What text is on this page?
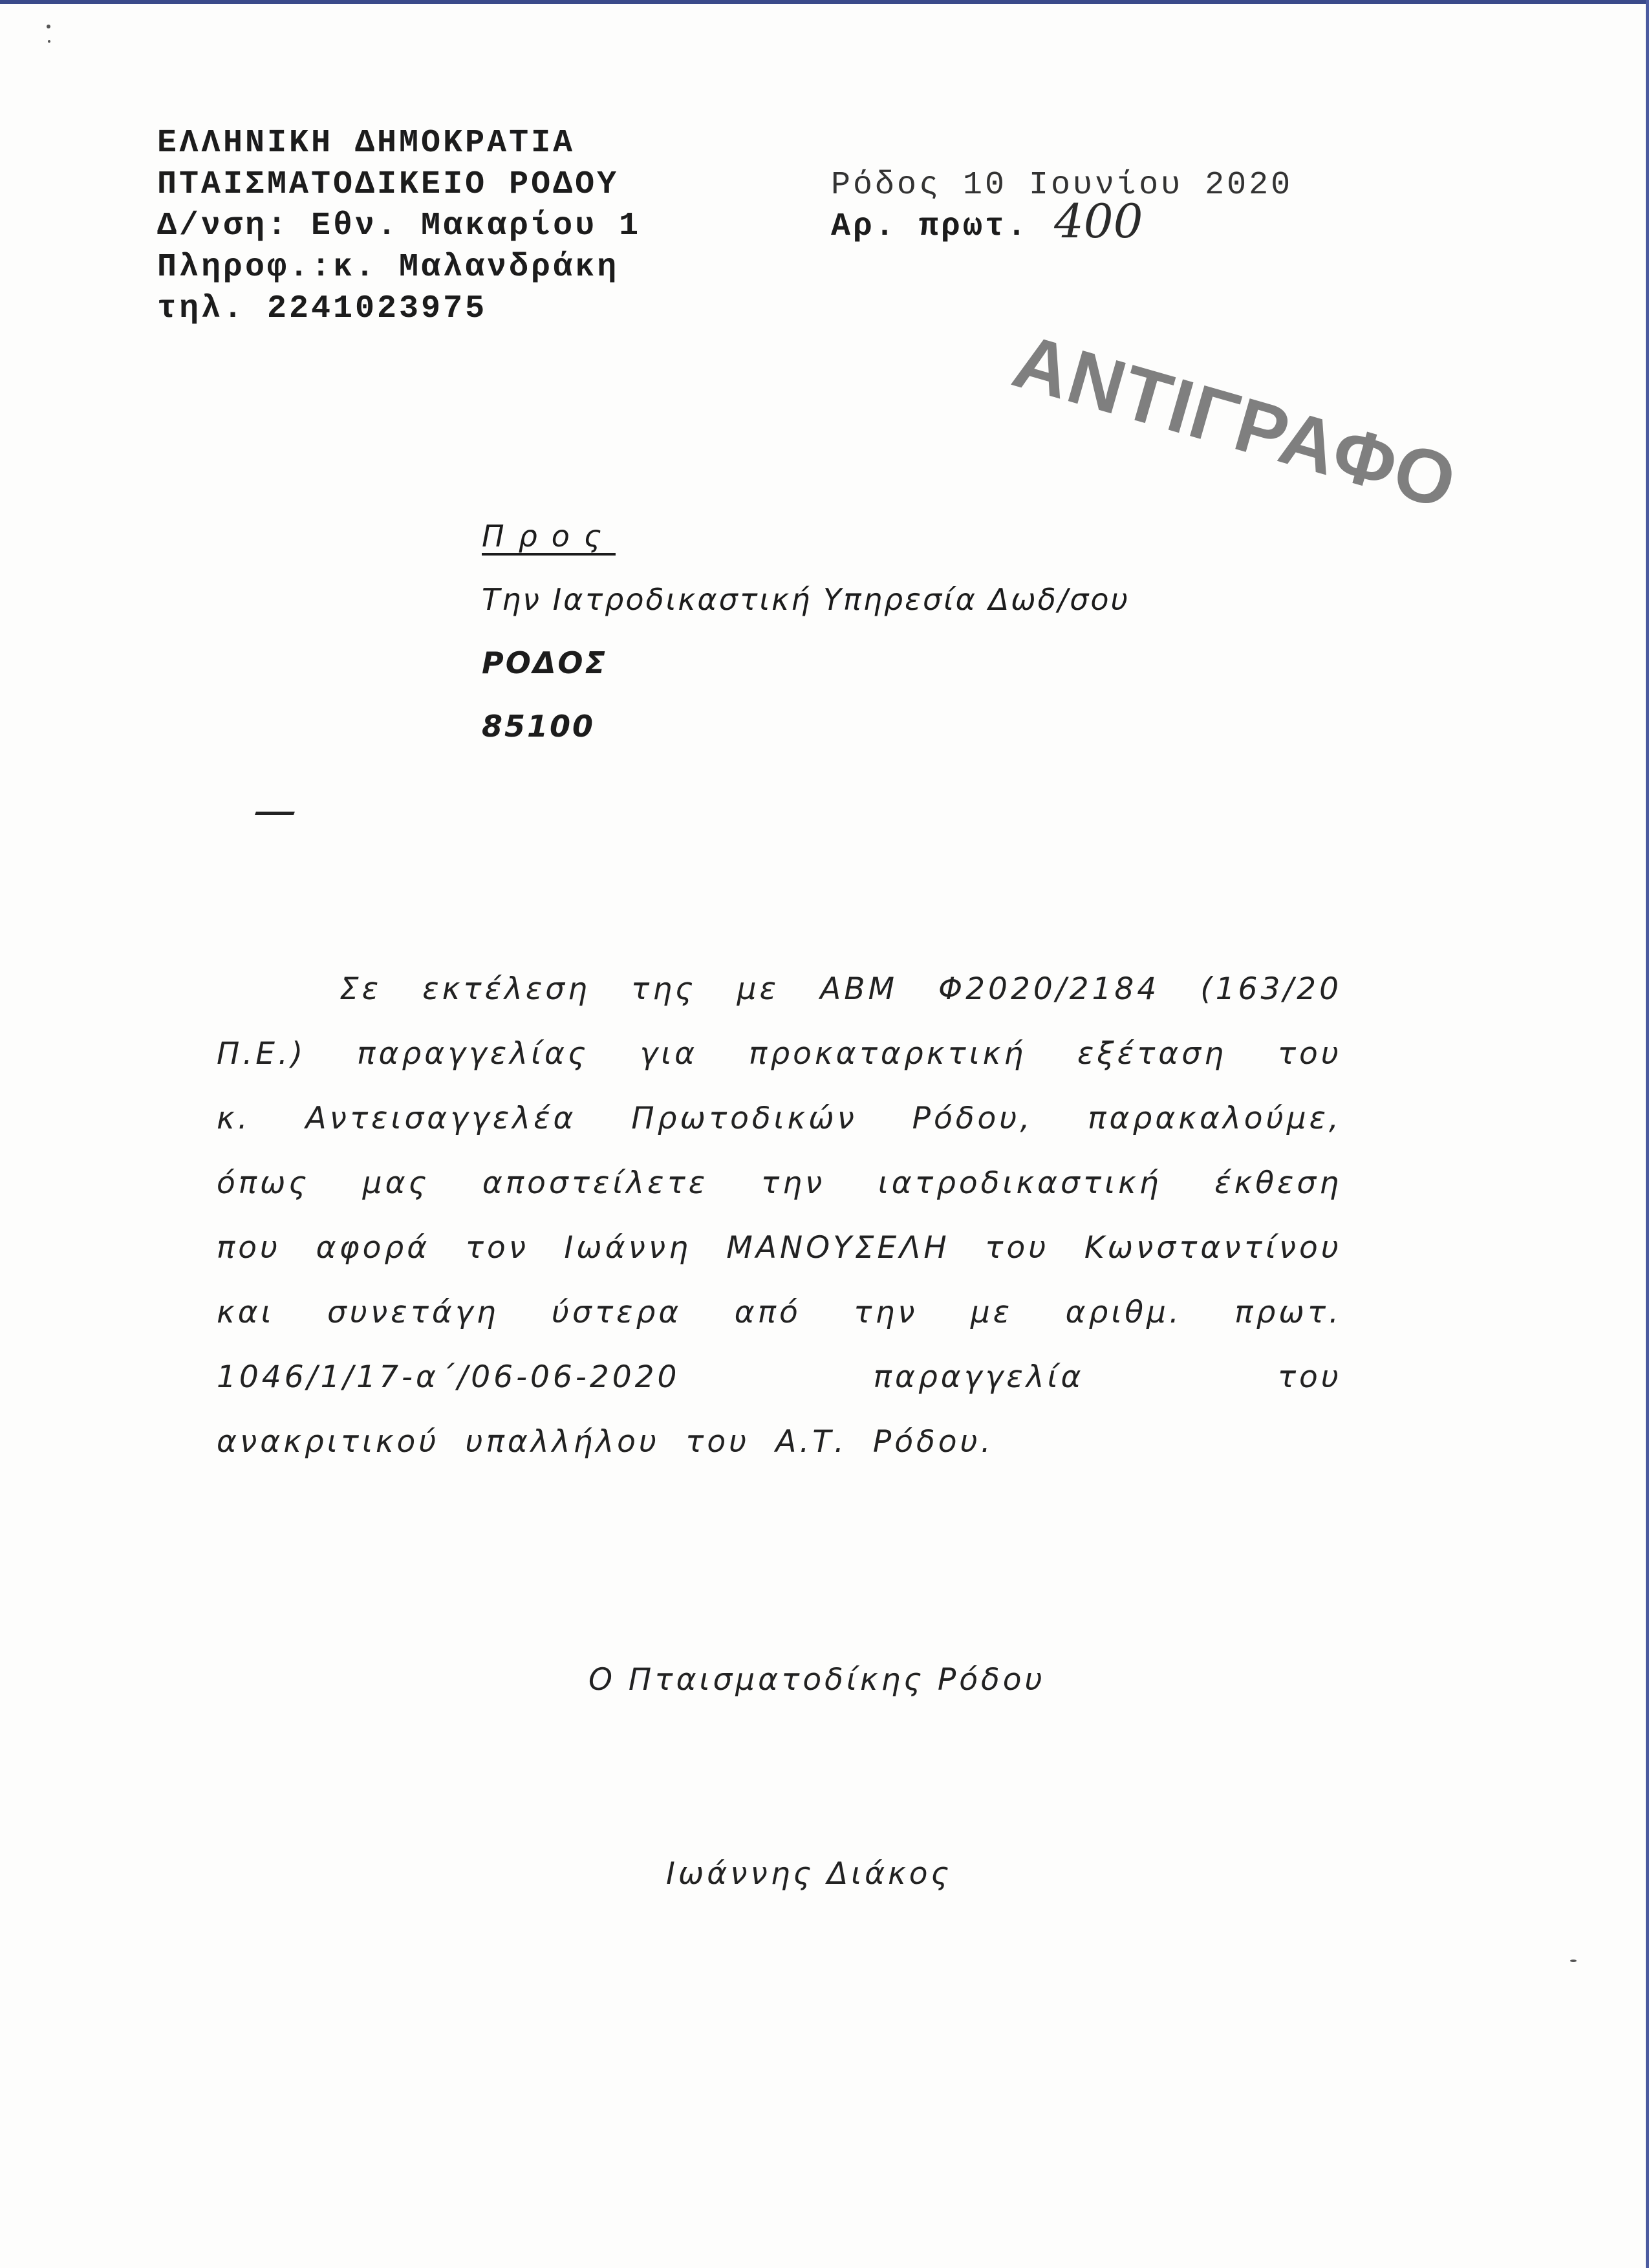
ΕΛΛΗΝΙΚΗ ΔΗΜΟΚΡΑΤΙΑ
ΠΤΑΙΣΜΑΤΟΔΙΚΕΙΟ ΡΟΔΟΥ
Δ/νση: Εθν. Μακαρίου 1
Πληροφ.:κ. Μαλανδράκη
τηλ. 2241023975
Ρόδος 10 Ιουνίου 2020
Αρ. πρωτ. 400
ΑΝΤΙΓΡΑΦΟ
Προς
Την Ιατροδικαστική Υπηρεσία Δωδ/σου
ΡΟΔΟΣ
85100
Σε εκτέλεση της με ΑΒΜ Φ2020/2184 (163/20
Π.Ε.) παραγγελίας για προκαταρκτική εξέταση του
κ. Αντεισαγγελέα Πρωτοδικών Ρόδου, παρακαλούμε,
όπως μας αποστείλετε την ιατροδικαστική έκθεση
που αφορά τον Ιωάννη ΜΑΝΟΥΣΕΛΗ του Κωνσταντίνου
και συνετάγη ύστερα από την με αριθμ. πρωτ.
1046/1/17-α΄/06-06-2020 παραγγελία του
ανακριτικού υπαλλήλου του Α.Τ. Ρόδου.
Ο Πταισματοδίκης Ρόδου
Ιωάννης Διάκος
